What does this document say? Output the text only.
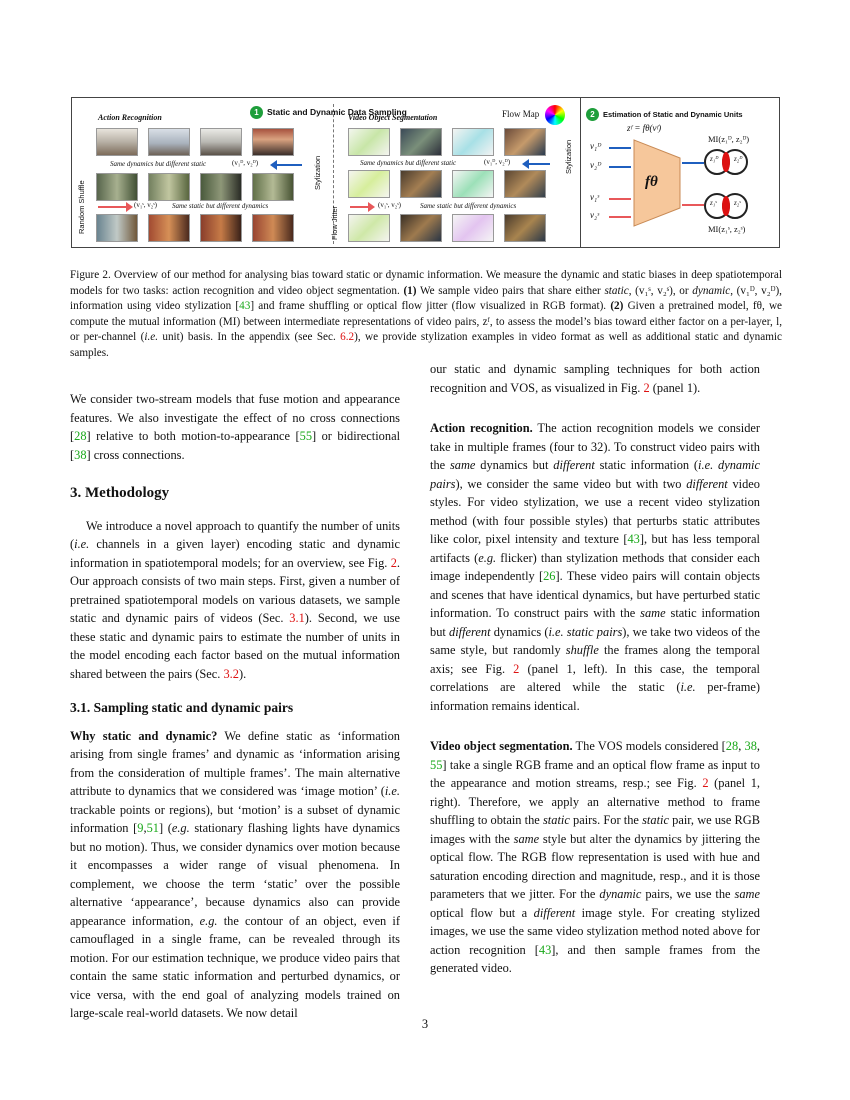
1 Static and Dynamic Data Sampling	2 Estimation of Static and Dynamic Units
Action Recognition	Video Object Segmentation	Flow Map
Same dynamics but different static	(v₁ᴰ, v₂ᴰ)
(v₁ˢ, v₂ˢ) Same static but different dynamics
Random Shuffle
Stylization
Flow Jitter
Stylization
Same dynamics but different static	(v₁ᴰ, v₂ᴰ)
(v₁ˢ, v₂ˢ)	Same static but different dynamics
zᶠ = fθ(vᶠ)
v₁ᴰ
v₂ᴰ
v₁ˢ
v₂ˢ
fθ
MI(z₁ᴰ, z₂ᴰ)
z₁ᴰ z₂ᴰ
z₁ˢ z₂ˢ
MI(z₁ˢ, z₂ˢ)
Figure 2. Overview of our method for analysing bias toward static or dynamic information. We measure the dynamic and static biases in deep spatiotemporal models for two tasks: action recognition and video object segmentation. (1) We sample video pairs that share either static, (v₁ˢ, v₂ˢ), or dynamic, (v₁ᴰ, v₂ᴰ), information using video stylization [43] and frame shuffling or optical flow jitter (flow visualized in RGB format). (2) Given a pretrained model, fθ, we compute the mutual information (MI) between intermediate representations of video pairs, zᶠ, to assess the model’s bias toward either factor on a per-layer, l, or per-channel (i.e. unit) basis. In the appendix (see Sec. 6.2), we provide stylization examples in video format as well as additional static and dynamic samples.

We consider two-stream models that fuse motion and appearance features. We also investigate the effect of no cross connections [28] relative to both motion-to-appearance [55] or bidirectional [38] cross connections.

3. Methodology

We introduce a novel approach to quantify the number of units (i.e. channels in a given layer) encoding static and dynamic information in spatiotemporal models; for an overview, see Fig. 2. Our approach consists of two main steps. First, given a number of pretrained spatiotemporal models on various datasets, we sample static and dynamic pairs of videos (Sec. 3.1). Second, we use these static and dynamic pairs to estimate the number of units in the model encoding each factor based on the mutual information shared between the pairs (Sec. 3.2).

3.1. Sampling static and dynamic pairs

Why static and dynamic? We define static as ‘information arising from single frames’ and dynamic as ‘information arising from the consideration of multiple frames’. The main alternative attribute to dynamics that we considered was ‘image motion’ (i.e. trackable points or regions), but ‘motion’ is a subset of dynamic information [9,51] (e.g. stationary flashing lights have dynamics but no motion). Thus, we consider dynamics over motion because it encompasses a wider range of visual phenomena. In complement, we choose the term ‘static’ over the possible alternative ‘appearance’, because dynamics also can provide appearance information, e.g. the contour of an object, even if camouflaged in a single frame, can be revealed through its motion. For our estimation technique, we produce video pairs that contain the same static information and perturbed dynamics, or vice versa, with the end goal of analyzing models trained on large-scale real-world datasets. We now detail

our static and dynamic sampling techniques for both action recognition and VOS, as visualized in Fig. 2 (panel 1).

Action recognition. The action recognition models we consider take in multiple frames (four to 32). To construct video pairs with the same dynamics but different static information (i.e. dynamic pairs), we consider the same video but with two different video styles. For video stylization, we use a recent video stylization method (with four possible styles) that perturbs static attributes like color, pixel intensity and texture [43], but has less temporal artifacts (e.g. flicker) than stylization methods that consider each image independently [26]. These video pairs will contain objects and scenes that have identical dynamics, but have perturbed static information. To construct pairs with the same static information but different dynamics (i.e. static pairs), we take two videos of the same style, but randomly shuffle the frames along the temporal axis; see Fig. 2 (panel 1, left). In this case, the temporal correlations are altered while the static (i.e. per-frame) information remains identical.

Video object segmentation. The VOS models considered [28, 38, 55] take a single RGB frame and an optical flow frame as input to the appearance and motion streams, resp.; see Fig. 2 (panel 1, right). Therefore, we apply an alternative method to frame shuffling to obtain the static pairs. For the static pair, we use RGB images with the same style but alter the dynamics by jittering the optical flow. The RGB flow representation is used with hue and saturation encoding direction and magnitude, resp., and it is those parameters that we jitter. For the dynamic pairs, we use the same optical flow but a different image style. For creating stylized images, we use the same video stylization method noted above for action recognition [43], and then sample frames from the generated video.

3
